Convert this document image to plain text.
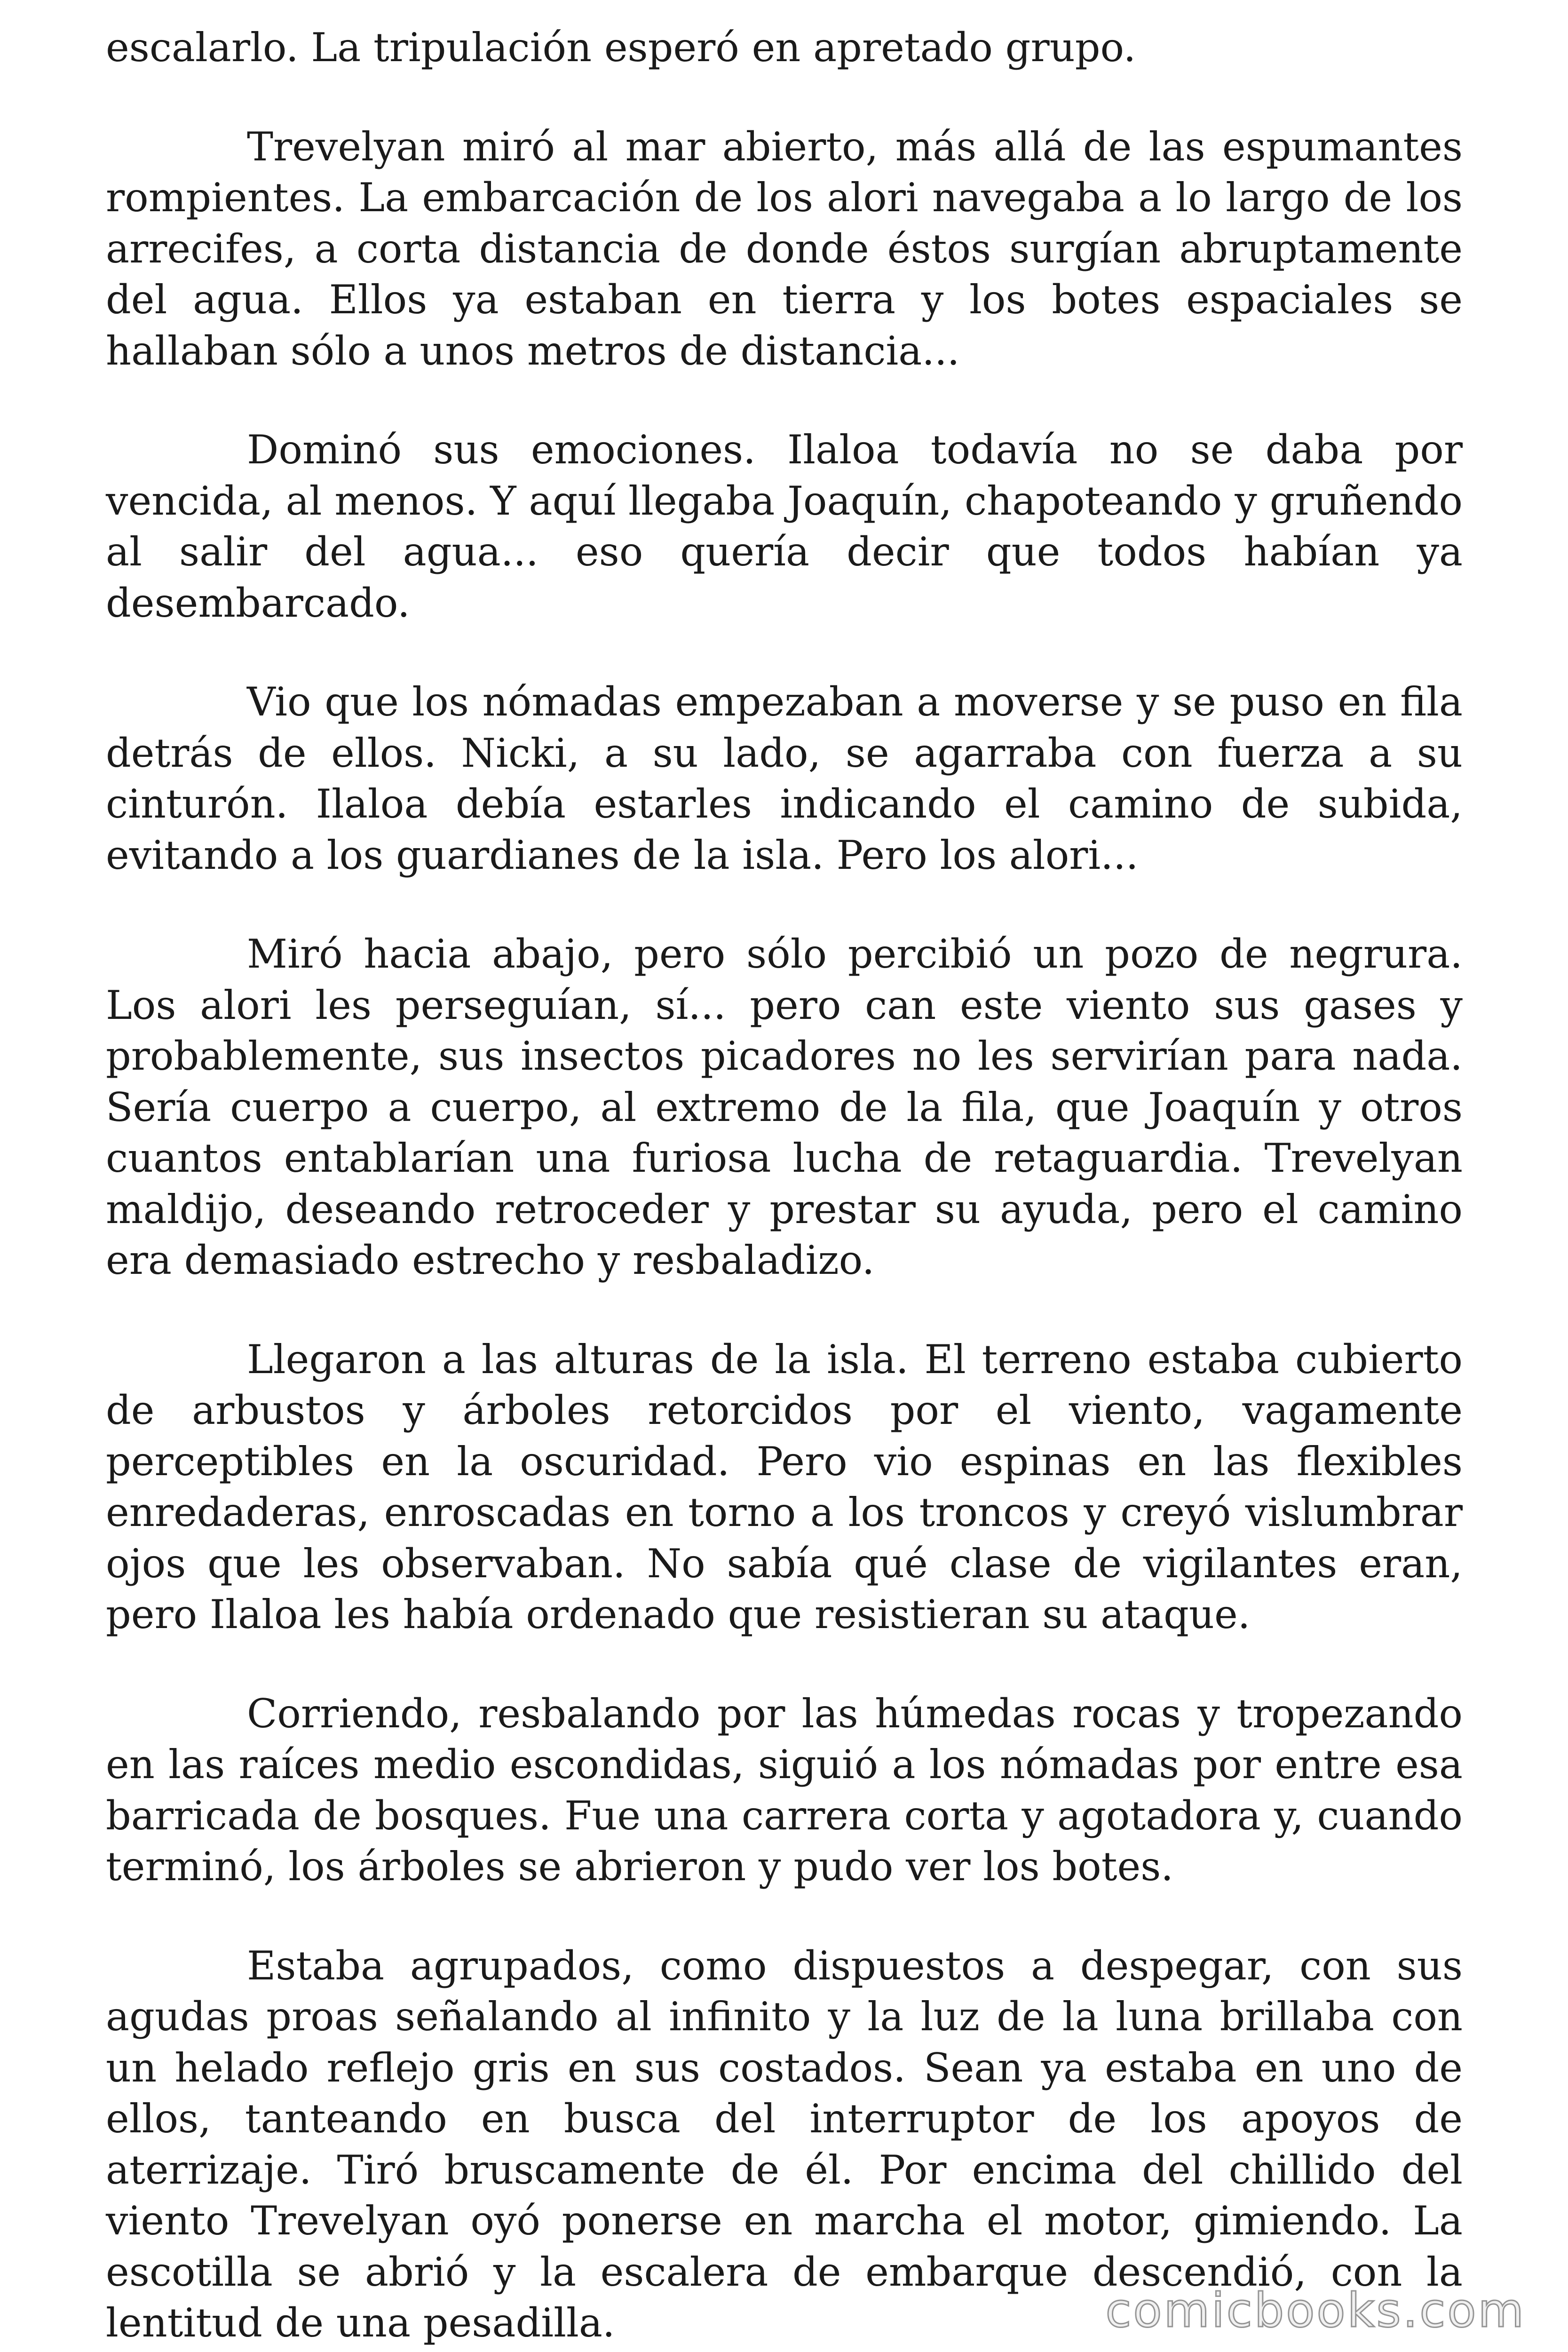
escalarlo. La tripulación esperó en apretado grupo.

Trevelyan miró al mar abierto, más allá de las espumantes rompientes. La embarcación de los alori navegaba a lo largo de los arrecifes, a corta distancia de donde éstos surgían abruptamente del agua. Ellos ya estaban en tierra y los botes espaciales se hallaban sólo a unos metros de distancia...

Dominó sus emociones. Ilaloa todavía no se daba por vencida, al menos. Y aquí llegaba Joaquín, chapoteando y gruñendo al salir del agua... eso quería decir que todos habían ya desembarcado.

Vio que los nómadas empezaban a moverse y se puso en fila detrás de ellos. Nicki, a su lado, se agarraba con fuerza a su cinturón. Ilaloa debía estarles indicando el camino de subida, evitando a los guardianes de la isla. Pero los alori...

Miró hacia abajo, pero sólo percibió un pozo de negrura. Los alori les perseguían, sí... pero can este viento sus gases y probablemente, sus insectos picadores no les servirían para nada. Sería cuerpo a cuerpo, al extremo de la fila, que Joaquín y otros cuantos entablarían una furiosa lucha de retaguardia. Trevelyan maldijo, deseando retroceder y prestar su ayuda, pero el camino era demasiado estrecho y resbaladizo.

Llegaron a las alturas de la isla. El terreno estaba cubierto de arbustos y árboles retorcidos por el viento, vagamente perceptibles en la oscuridad. Pero vio espinas en las flexibles enredaderas, enroscadas en torno a los troncos y creyó vislumbrar ojos que les observaban. No sabía qué clase de vigilantes eran, pero Ilaloa les había ordenado que resistieran su ataque.

Corriendo, resbalando por las húmedas rocas y tropezando en las raíces medio escondidas, siguió a los nómadas por entre esa barricada de bosques. Fue una carrera corta y agotadora y, cuando terminó, los árboles se abrieron y pudo ver los botes.

Estaba agrupados, como dispuestos a despegar, con sus agudas proas señalando al infinito y la luz de la luna brillaba con un helado reflejo gris en sus costados. Sean ya estaba en uno de ellos, tanteando en busca del interruptor de los apoyos de aterrizaje. Tiró bruscamente de él. Por encima del chillido del viento Trevelyan oyó ponerse en marcha el motor, gimiendo. La escotilla se abrió y la escalera de embarque descendió, con la lentitud de una pesadilla.	comicbooks.com
